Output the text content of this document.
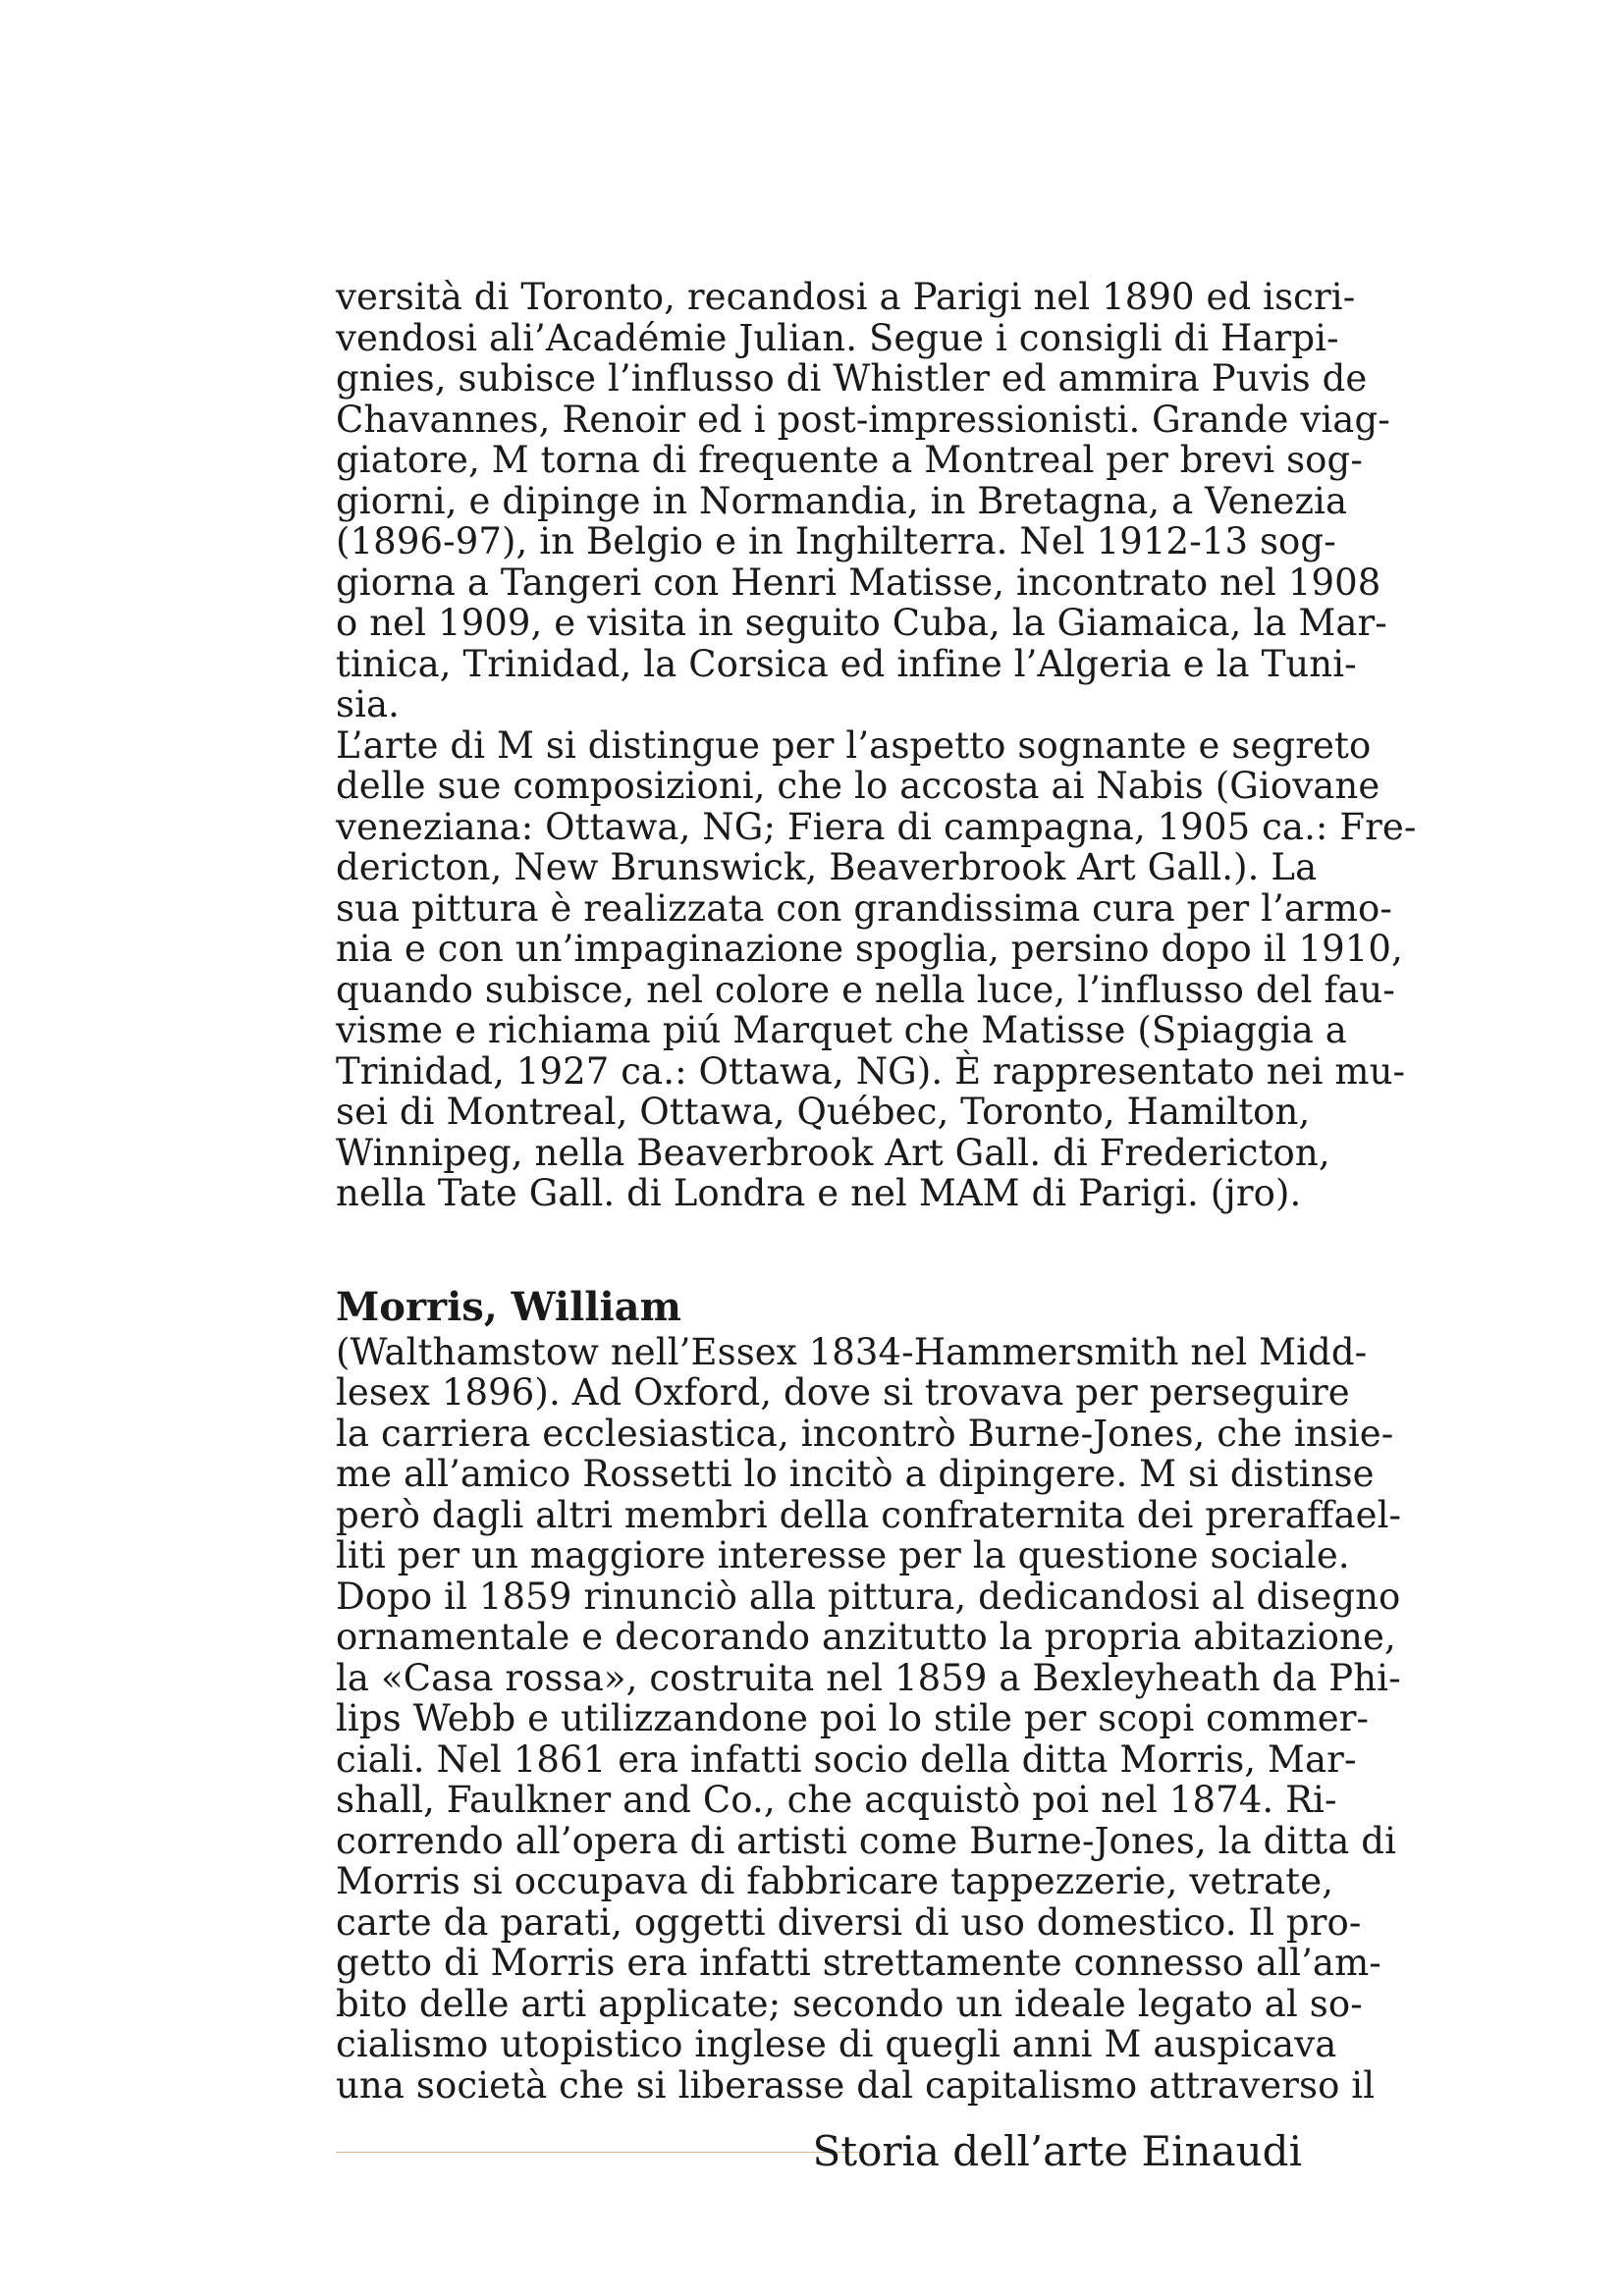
versità di Toronto, recandosi a Parigi nel 1890 ed iscri-
vendosi ali’Académie Julian. Segue i consigli di Harpi-
gnies, subisce l’influsso di Whistler ed ammira Puvis de
Chavannes, Renoir ed i post-impressionisti. Grande viag-
giatore, M torna di frequente a Montreal per brevi sog-
giorni, e dipinge in Normandia, in Bretagna, a Venezia
(1896-97), in Belgio e in Inghilterra. Nel 1912-13 sog-
giorna a Tangeri con Henri Matisse, incontrato nel 1908
o nel 1909, e visita in seguito Cuba, la Giamaica, la Mar-
tinica, Trinidad, la Corsica ed infine l’Algeria e la Tuni-
sia.
L’arte di M si distingue per l’aspetto sognante e segreto
delle sue composizioni, che lo accosta ai Nabis (Giovane
veneziana: Ottawa, NG; Fiera di campagna, 1905 ca.: Fre-
dericton, New Brunswick, Beaverbrook Art Gall.). La
sua pittura è realizzata con grandissima cura per l’armo-
nia e con un’impaginazione spoglia, persino dopo il 1910,
quando subisce, nel colore e nella luce, l’influsso del fau-
visme e richiama piú Marquet che Matisse (Spiaggia a
Trinidad, 1927 ca.: Ottawa, NG). È rappresentato nei mu-
sei di Montreal, Ottawa, Québec, Toronto, Hamilton,
Winnipeg, nella Beaverbrook Art Gall. di Fredericton,
nella Tate Gall. di Londra e nel MAM di Parigi. (jro).
Morris, William
(Walthamstow nell’Essex 1834-Hammersmith nel Midd-
lesex 1896). Ad Oxford, dove si trovava per perseguire
la carriera ecclesiastica, incontrò Burne-Jones, che insie-
me all’amico Rossetti lo incitò a dipingere. M si distinse
però dagli altri membri della confraternita dei preraffael-
liti per un maggiore interesse per la questione sociale.
Dopo il 1859 rinunciò alla pittura, dedicandosi al disegno
ornamentale e decorando anzitutto la propria abitazione,
la «Casa rossa», costruita nel 1859 a Bexleyheath da Phi-
lips Webb e utilizzandone poi lo stile per scopi commer-
ciali. Nel 1861 era infatti socio della ditta Morris, Mar-
shall, Faulkner and Co., che acquistò poi nel 1874. Ri-
correndo all’opera di artisti come Burne-Jones, la ditta di
Morris si occupava di fabbricare tappezzerie, vetrate,
carte da parati, oggetti diversi di uso domestico. Il pro-
getto di Morris era infatti strettamente connesso all’am-
bito delle arti applicate; secondo un ideale legato al so-
cialismo utopistico inglese di quegli anni M auspicava
una società che si liberasse dal capitalismo attraverso il
Storia dell’arte Einaudi
